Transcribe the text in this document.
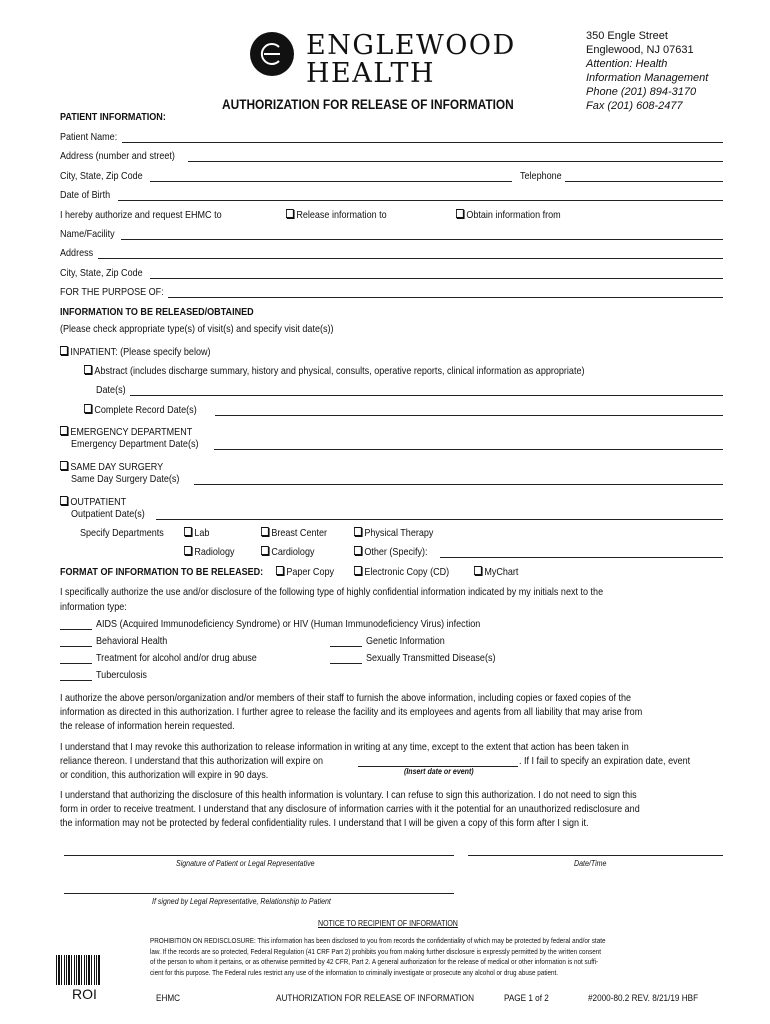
ENGLEWOOD
HEALTH
AUTHORIZATION FOR RELEASE OF INFORMATION
350 Engle Street
Englewood, NJ 07631
Attention: Health
Information Management
Phone (201) 894-3170
Fax (201) 608-2477
PATIENT INFORMATION:
Patient Name:
Address (number and street)
City, State, Zip Code	Telephone
Date of Birth
I hereby authorize and request EHMC to	Release information to	Obtain information from
Name/Facility
Address
City, State, Zip Code
FOR THE PURPOSE OF:
INFORMATION TO BE RELEASED/OBTAINED
(Please check appropriate type(s) of visit(s) and specify visit date(s))
INPATIENT: (Please specify below)
Abstract (includes discharge summary, history and physical, consults, operative reports, clinical information as appropriate)
Date(s)
Complete Record Date(s)
EMERGENCY DEPARTMENT
Emergency Department Date(s)
SAME DAY SURGERY
Same Day Surgery Date(s)
OUTPATIENT
Outpatient Date(s)
Specify Departments	Lab	Breast Center	Physical Therapy
Radiology	Cardiology	Other (Specify):
FORMAT OF INFORMATION TO BE RELEASED:	Paper Copy	Electronic Copy (CD)	MyChart
I specifically authorize the use and/or disclosure of the following type of highly confidential information indicated by my initials next to the
information type:
AIDS (Acquired Immunodeficiency Syndrome) or HIV (Human Immunodeficiency Virus) infection
Behavioral Health	Genetic Information
Treatment for alcohol and/or drug abuse	Sexually Transmitted Disease(s)
Tuberculosis
I authorize the above person/organization and/or members of their staff to furnish the above information, including copies or faxed copies of the
information as directed in this authorization. I further agree to release the facility and its employees and agents from all liability that may arise from
the release of information herein requested.
I understand that I may revoke this authorization to release information in writing at any time, except to the extent that action has been taken in
reliance thereon. I understand that this authorization will expire on	. If I fail to specify an expiration date, event
(Insert date or event)
or condition, this authorization will expire in 90 days.
I understand that authorizing the disclosure of this health information is voluntary. I can refuse to sign this authorization. I do not need to sign this
form in order to receive treatment. I understand that any disclosure of information carries with it the potential for an unauthorized redisclosure and
the information may not be protected by federal confidentiality rules. I understand that I will be given a copy of this form after I sign it.
Signature of Patient or Legal Representative	Date/Time
If signed by Legal Representative, Relationship to Patient
NOTICE TO RECIPIENT OF INFORMATION
PROHIBITION ON REDISCLOSURE: This information has been disclosed to you from records the confidentiality of which may be protected by federal and/or state
law. If the records are so protected, Federal Regulation (41 CRF Part 2) prohibits you from making further disclosure is expressly permitted by the written consent
of the person to whom it pertains, or as otherwise permitted by 42 CFR, Part 2. A general authorization for the release of medical or other information is not suffi-
cient for this purpose. The Federal rules restrict any use of the information to criminally investigate or prosecute any alcohol or drug abuse patient.
ROI	EHMC	AUTHORIZATION FOR RELEASE OF INFORMATION	PAGE 1 of 2	#2000-80.2 REV. 8/21/19 HBF
